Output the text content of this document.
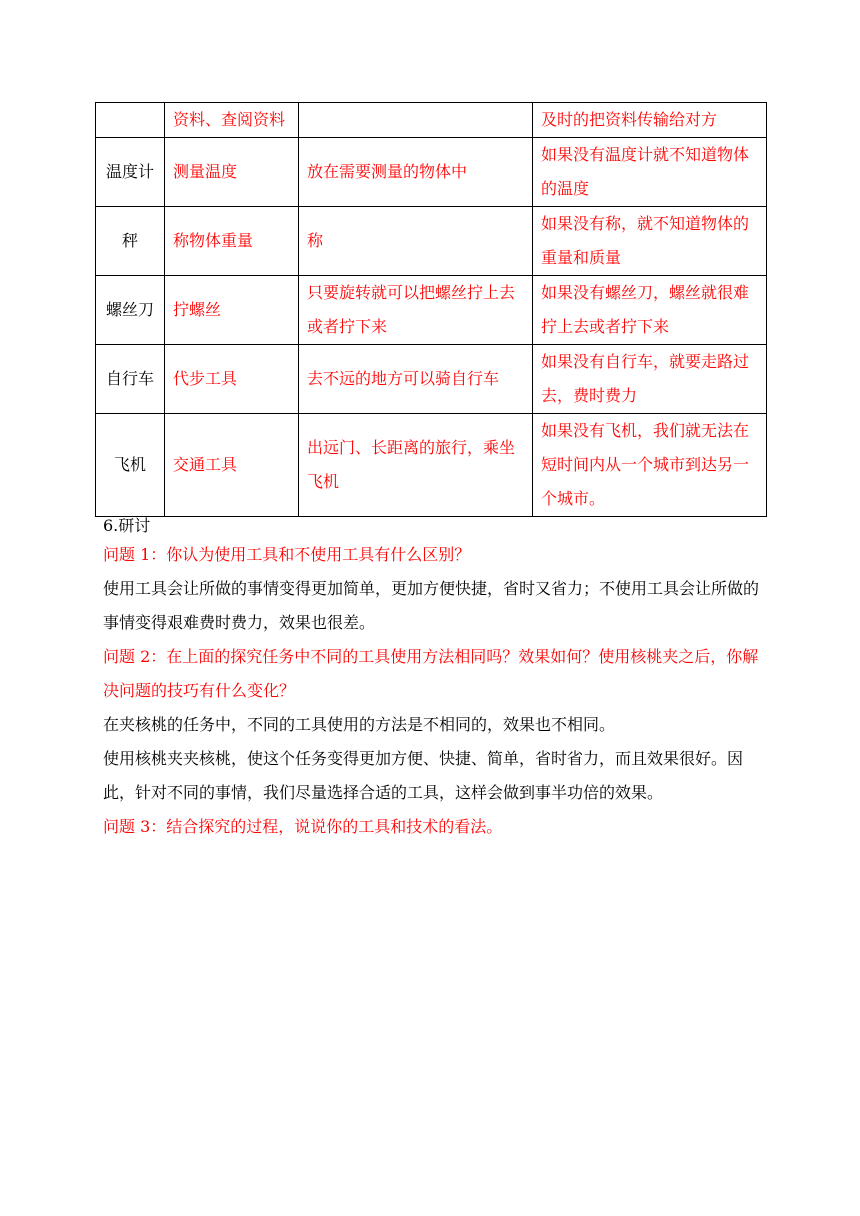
	资料、查阅资料		及时的把资料传输给对方
温度计	测量温度	放在需要测量的物体中	如果没有温度计就不知道物体的温度
秤	称物体重量	称	如果没有称，就不知道物体的重量和质量
螺丝刀	拧螺丝	只要旋转就可以把螺丝拧上去或者拧下来	如果没有螺丝刀，螺丝就很难拧上去或者拧下来
自行车	代步工具	去不远的地方可以骑自行车	如果没有自行车，就要走路过去，费时费力
飞机	交通工具	出远门、长距离的旅行，乘坐飞机	如果没有飞机，我们就无法在短时间内从一个城市到达另一个城市。

6.研讨

问题 1：你认为使用工具和不使用工具有什么区别？

使用工具会让所做的事情变得更加简单，更加方便快捷，省时又省力；不使用工具会让所做的事情变得艰难费时费力，效果也很差。

问题 2：在上面的探究任务中不同的工具使用方法相同吗？效果如何？使用核桃夹之后，你解决问题的技巧有什么变化？

在夹核桃的任务中，不同的工具使用的方法是不相同的，效果也不相同。

使用核桃夹夹核桃，使这个任务变得更加方便、快捷、简单，省时省力，而且效果很好。因此，针对不同的事情，我们尽量选择合适的工具，这样会做到事半功倍的效果。

问题 3：结合探究的过程，说说你的工具和技术的看法。
